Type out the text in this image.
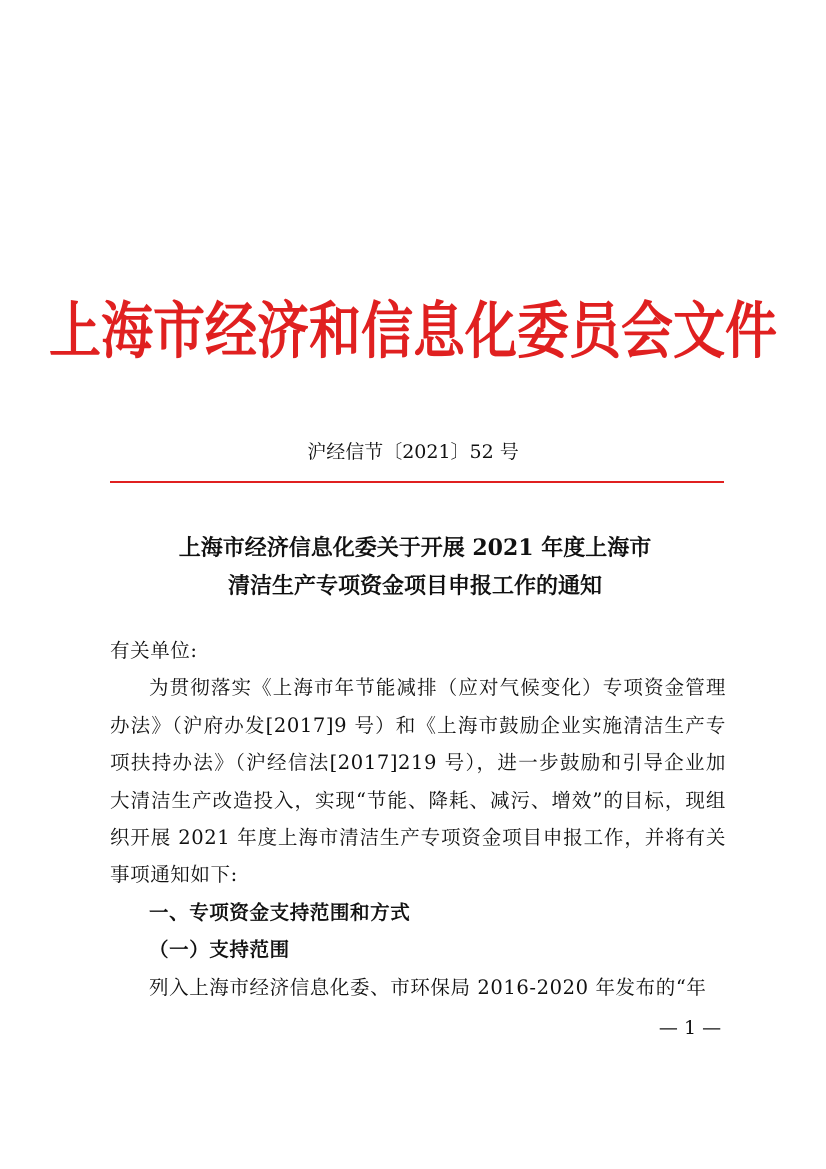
上海市经济和信息化委员会文件
沪经信节〔2021〕52 号
上海市经济信息化委关于开展 2021 年度上海市
清洁生产专项资金项目申报工作的通知

有关单位:

为贯彻落实《上海市年节能减排（应对气候变化）专项资金管理办法》（沪府办发[2017]9 号）和《上海市鼓励企业实施清洁生产专项扶持办法》（沪经信法[2017]219 号），进一步鼓励和引导企业加大清洁生产改造投入，实现“节能、降耗、减污、增效”的目标，现组织开展 2021 年度上海市清洁生产专项资金项目申报工作，并将有关事项通知如下:

一、专项资金支持范围和方式

（一）支持范围

列入上海市经济信息化委、市环保局 2016-2020 年发布的“年

— 1 —
